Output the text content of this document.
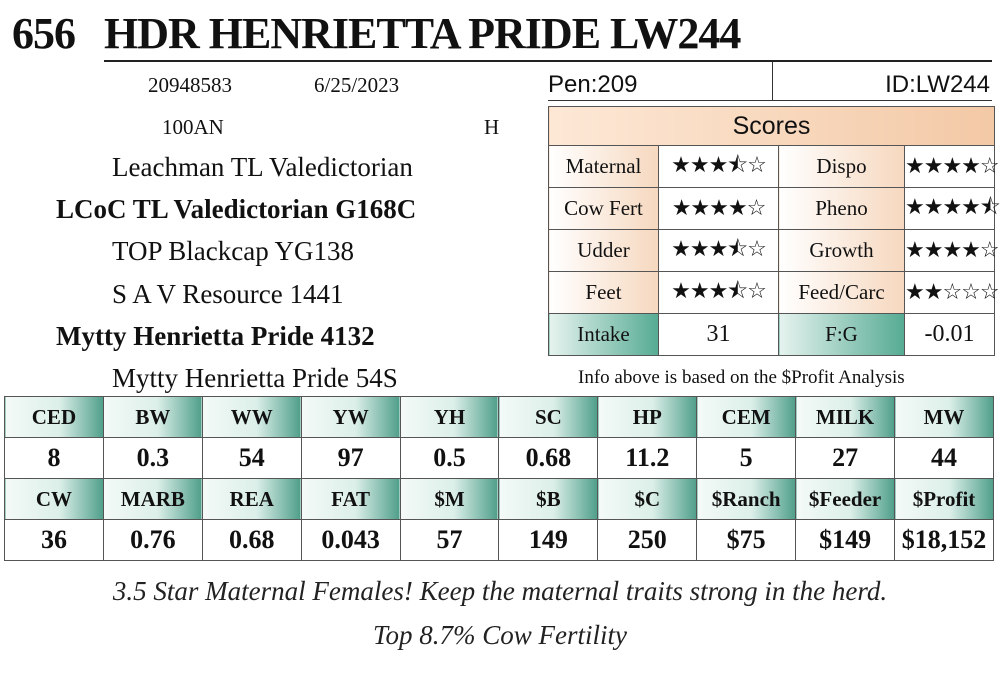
656 HDR HENRIETTA PRIDE LW244
20948583	6/25/2023
100AN	H
Leachman TL Valedictorian
LCoC TL Valedictorian G168C
TOP Blackcap YG138
S A V Resource 1441
Mytty Henrietta Pride 4132
Mytty Henrietta Pride 54S
Pen:209	ID:LW244
Scores			
Maternal	★★★⯪☆	Dispo	★★★★☆
Cow Fert	★★★★☆	Pheno	★★★★⯪
Udder	★★★⯪☆	Growth	★★★★☆
Feet	★★★⯪☆	Feed/Carc	★★☆☆☆
Intake	31	F:G	-0.01
Info above is based on the $Profit Analysis
CED	BW	WW	YW	YH	SC	HP	CEM	MILK	MW
8	0.3	54	97	0.5	0.68	11.2	5	27	44
CW	MARB	REA	FAT	$M	$B	$C	$Ranch	$Feeder	$Profit
36	0.76	0.68	0.043	57	149	250	$75	$149	$18,152
3.5 Star Maternal Females! Keep the maternal traits strong in the herd.
Top 8.7% Cow Fertility
